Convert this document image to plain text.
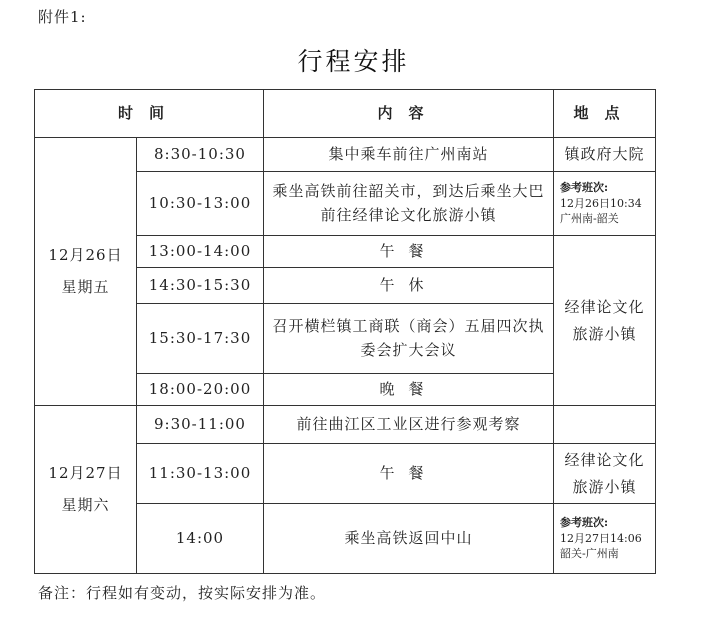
附件1:
行程安排
时间		内容	地点
12月26日
星期五	8:30-10:30	集中乘车前往广州南站	镇政府大院
	10:30-13:00	乘坐高铁前往韶关市，到达后乘坐大巴前往经律论文化旅游小镇	参考班次:
12月26日10:34
广州南-韶关

	13:00-14:00	午餐	经律论文化旅游小镇
	14:30-15:30	午休	
	15:30-17:30	召开横栏镇工商联（商会）五届四次执委会扩大会议	
	18:00-20:00	晚餐	
12月27日
星期六	9:30-11:00	前往曲江区工业区进行参观考察	
	11:30-13:00	午餐	经律论文化旅游小镇
	14:00	乘坐高铁返回中山	参考班次:
12月27日14:06
韶关-广州南
备注：行程如有变动，按实际安排为准。
